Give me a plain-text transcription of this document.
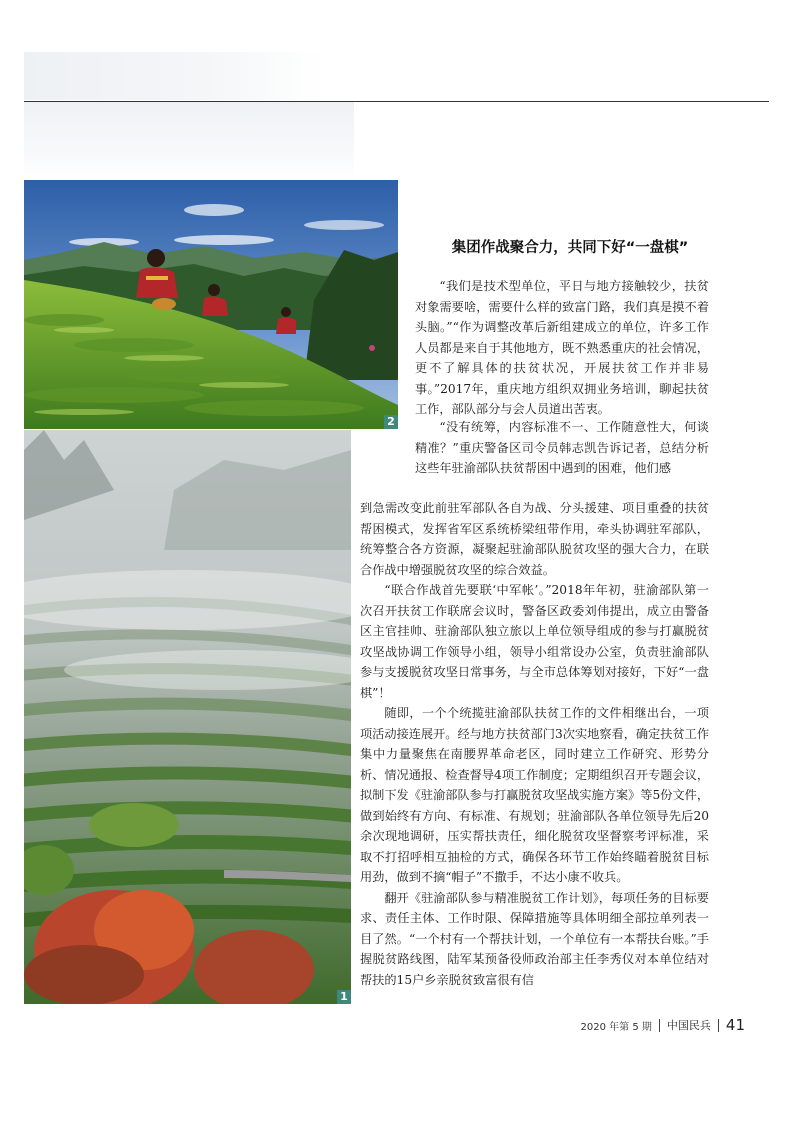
2
1
集团作战聚合力，共同下好“一盘棋”

“我们是技术型单位，平日与地方接触较少，扶贫对象需要啥，需要什么样的致富门路，我们真是摸不着头脑。”“作为调整改革后新组建成立的单位，许多工作人员都是来自于其他地方，既不熟悉重庆的社会情况，更不了解具体的扶贫状况，开展扶贫工作并非易事。”2017年，重庆地方组织双拥业务培训，聊起扶贫工作，部队部分与会人员道出苦衷。

“没有统筹，内容标准不一、工作随意性大，何谈精准？”重庆警备区司令员韩志凯告诉记者，总结分析这些年驻渝部队扶贫帮困中遇到的困难，他们感

到急需改变此前驻军部队各自为战、分头援建、项目重叠的扶贫帮困模式，发挥省军区系统桥梁纽带作用，牵头协调驻军部队，统筹整合各方资源，凝聚起驻渝部队脱贫攻坚的强大合力，在联合作战中增强脱贫攻坚的综合效益。

“联合作战首先要联‘中军帐’。”2018年年初，驻渝部队第一次召开扶贫工作联席会议时，警备区政委刘伟提出，成立由警备区主官挂帅、驻渝部队独立旅以上单位领导组成的参与打赢脱贫攻坚战协调工作领导小组，领导小组常设办公室，负责驻渝部队参与支援脱贫攻坚日常事务，与全市总体筹划对接好，下好“一盘棋”！

随即，一个个统揽驻渝部队扶贫工作的文件相继出台，一项项活动接连展开。经与地方扶贫部门3次实地察看，确定扶贫工作集中力量聚焦在南腰界革命老区，同时建立工作研究、形势分析、情况通报、检查督导4项工作制度；定期组织召开专题会议，拟制下发《驻渝部队参与打赢脱贫攻坚战实施方案》等5份文件，做到始终有方向、有标准、有规划；驻渝部队各单位领导先后20余次现地调研，压实帮扶责任，细化脱贫攻坚督察考评标准，采取不打招呼相互抽检的方式，确保各环节工作始终瞄着脱贫目标用劲，做到不摘“帽子”不撒手，不达小康不收兵。

翻开《驻渝部队参与精准脱贫工作计划》，每项任务的目标要求、责任主体、工作时限、保障措施等具体明细全部拉单列表一目了然。“一个村有一个帮扶计划，一个单位有一本帮扶台账。”手握脱贫路线图，陆军某预备役师政治部主任李秀仪对本单位结对帮扶的15户乡亲脱贫致富很有信

2020 年第 5 期 中国民兵 41
